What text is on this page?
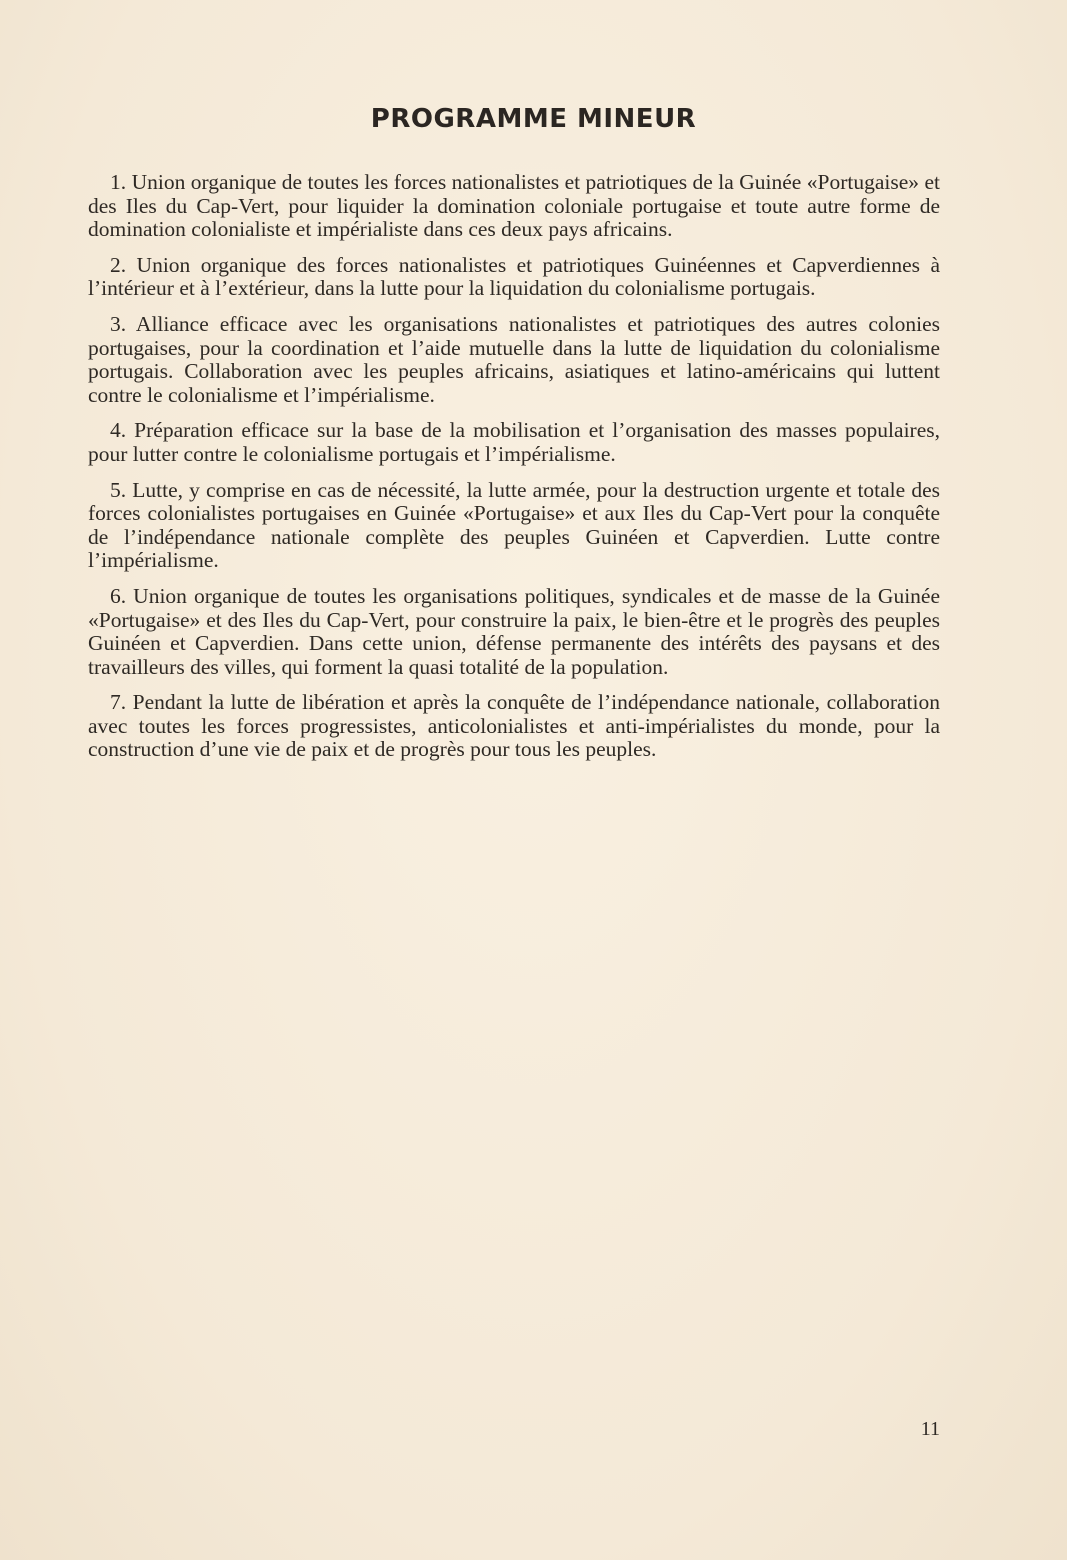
PROGRAMME MINEUR

1. Union organique de toutes les forces nationalistes et patriotiques de la Guinée «Portugaise» et des Iles du Cap-Vert, pour liquider la domination coloniale portugaise et toute autre forme de domination colonialiste et impérialiste dans ces deux pays africains.

2. Union organique des forces nationalistes et patriotiques Guinéennes et Capverdiennes à l’intérieur et à l’extérieur, dans la lutte pour la liquidation du colonialisme portugais.

3. Alliance efficace avec les organisations nationalistes et patriotiques des autres colonies portugaises, pour la coordination et l’aide mutuelle dans la lutte de liquidation du colonialisme portugais. Collaboration avec les peuples africains, asiatiques et latino-américains qui luttent contre le colonialisme et l’impérialisme.

4. Préparation efficace sur la base de la mobilisation et l’organisation des masses populaires, pour lutter contre le colonialisme portugais et l’impérialisme.

5. Lutte, y comprise en cas de nécessité, la lutte armée, pour la destruction urgente et totale des forces colonialistes portugaises en Guinée «Portugaise» et aux Iles du Cap-Vert pour la conquête de l’indépendance nationale complète des peuples Guinéen et Capverdien. Lutte contre l’impérialisme.

6. Union organique de toutes les organisations politiques, syndicales et de masse de la Guinée «Portugaise» et des Iles du Cap-Vert, pour construire la paix, le bien-être et le progrès des peuples Guinéen et Capverdien. Dans cette union, défense permanente des intérêts des paysans et des travailleurs des villes, qui forment la quasi totalité de la population.

7. Pendant la lutte de libération et après la conquête de l’indépendance nationale, collaboration avec toutes les forces progressistes, anticolonialistes et anti-impérialistes du monde, pour la construction d’une vie de paix et de progrès pour tous les peuples.

11
